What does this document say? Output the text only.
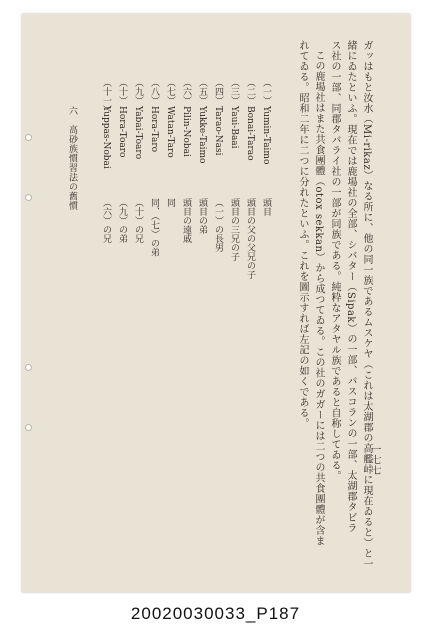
ガッはもと汝水（Mi-rikaz）なる所に、他の同一族であるムスケヤ（これは太湖郡の高艦峠に現在ゐると）と一
緒にゐたといふ。現在では鹿場社の全部、シバター（Sipak）の一部、バスコランの一部、太湖郡タビラ
ス社の一部、同郡タバライ社の一部が同族である。純粋なアタヤル族であると自称してゐる。
この鹿場社はまた共食團體（otox sekkan）から成つてゐる。この社のガガーには二つの共食團體が含ま
れてゐる。昭和二年に二つに分れたといふ。これを圖示すれば左記の如くである。
（一）
Yumin-Taimo
頭目
（二）
Bonai-Tarao
頭目の父の父兄の子
（三）
Yaui-Baai
頭目の三兄の子
（四）
Tarao-Nasi
（一）の長男
（五）
Yukke-Taimo
頭目の弟
（六）
Pilin-Nobai
頭目の遠戚
（七）
Watan-Taro
同
（八）
Hora-Taro
同、（七）の弟
（九）
Yabai-Toaro
（十）の兄
（十）
Hora-Toaro
（九）の弟
（十一）
Yuppas-Nobai
（六）の兄
六　高砂族慣習法の舊慣
一七七
20020030033_P187
